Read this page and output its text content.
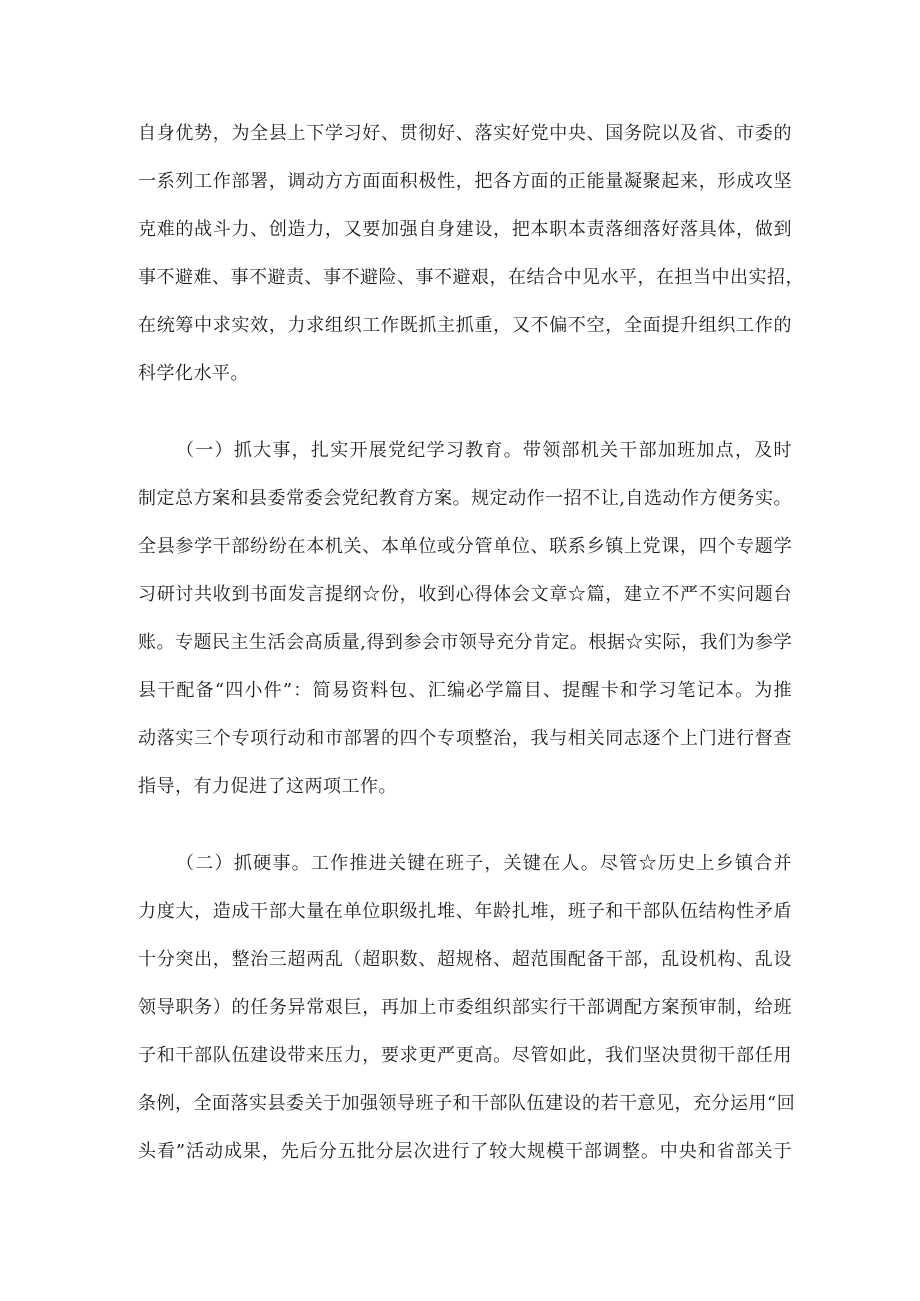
自身优势，为全县上下学习好、贯彻好、落实好党中央、国务院以及省、市委的
一系列工作部署，调动方方面面积极性，把各方面的正能量凝聚起来，形成攻坚
克难的战斗力、创造力，又要加强自身建设，把本职本责落细落好落具体，做到
事不避难、事不避责、事不避险、事不避艰，在结合中见水平，在担当中出实招，
在统筹中求实效，力求组织工作既抓主抓重，又不偏不空，全面提升组织工作的
科学化水平。
（一）抓大事，扎实开展党纪学习教育。带领部机关干部加班加点，及时
制定总方案和县委常委会党纪教育方案。规定动作一招不让,自选动作方便务实。
全县参学干部纷纷在本机关、本单位或分管单位、联系乡镇上党课，四个专题学
习研讨共收到书面发言提纲☆份，收到心得体会文章☆篇，建立不严不实问题台
账。专题民主生活会高质量,得到参会市领导充分肯定。根据☆实际，我们为参学
县干配备“四小件”：简易资料包、汇编必学篇目、提醒卡和学习笔记本。为推
动落实三个专项行动和市部署的四个专项整治，我与相关同志逐个上门进行督查
指导，有力促进了这两项工作。
（二）抓硬事。工作推进关键在班子，关键在人。尽管☆历史上乡镇合并
力度大，造成干部大量在单位职级扎堆、年龄扎堆，班子和干部队伍结构性矛盾
十分突出，整治三超两乱（超职数、超规格、超范围配备干部，乱设机构、乱设
领导职务）的任务异常艰巨，再加上市委组织部实行干部调配方案预审制，给班
子和干部队伍建设带来压力，要求更严更高。尽管如此，我们坚决贯彻干部任用
条例，全面落实县委关于加强领导班子和干部队伍建设的若干意见，充分运用“回
头看”活动成果，先后分五批分层次进行了较大规模干部调整。中央和省部关于
